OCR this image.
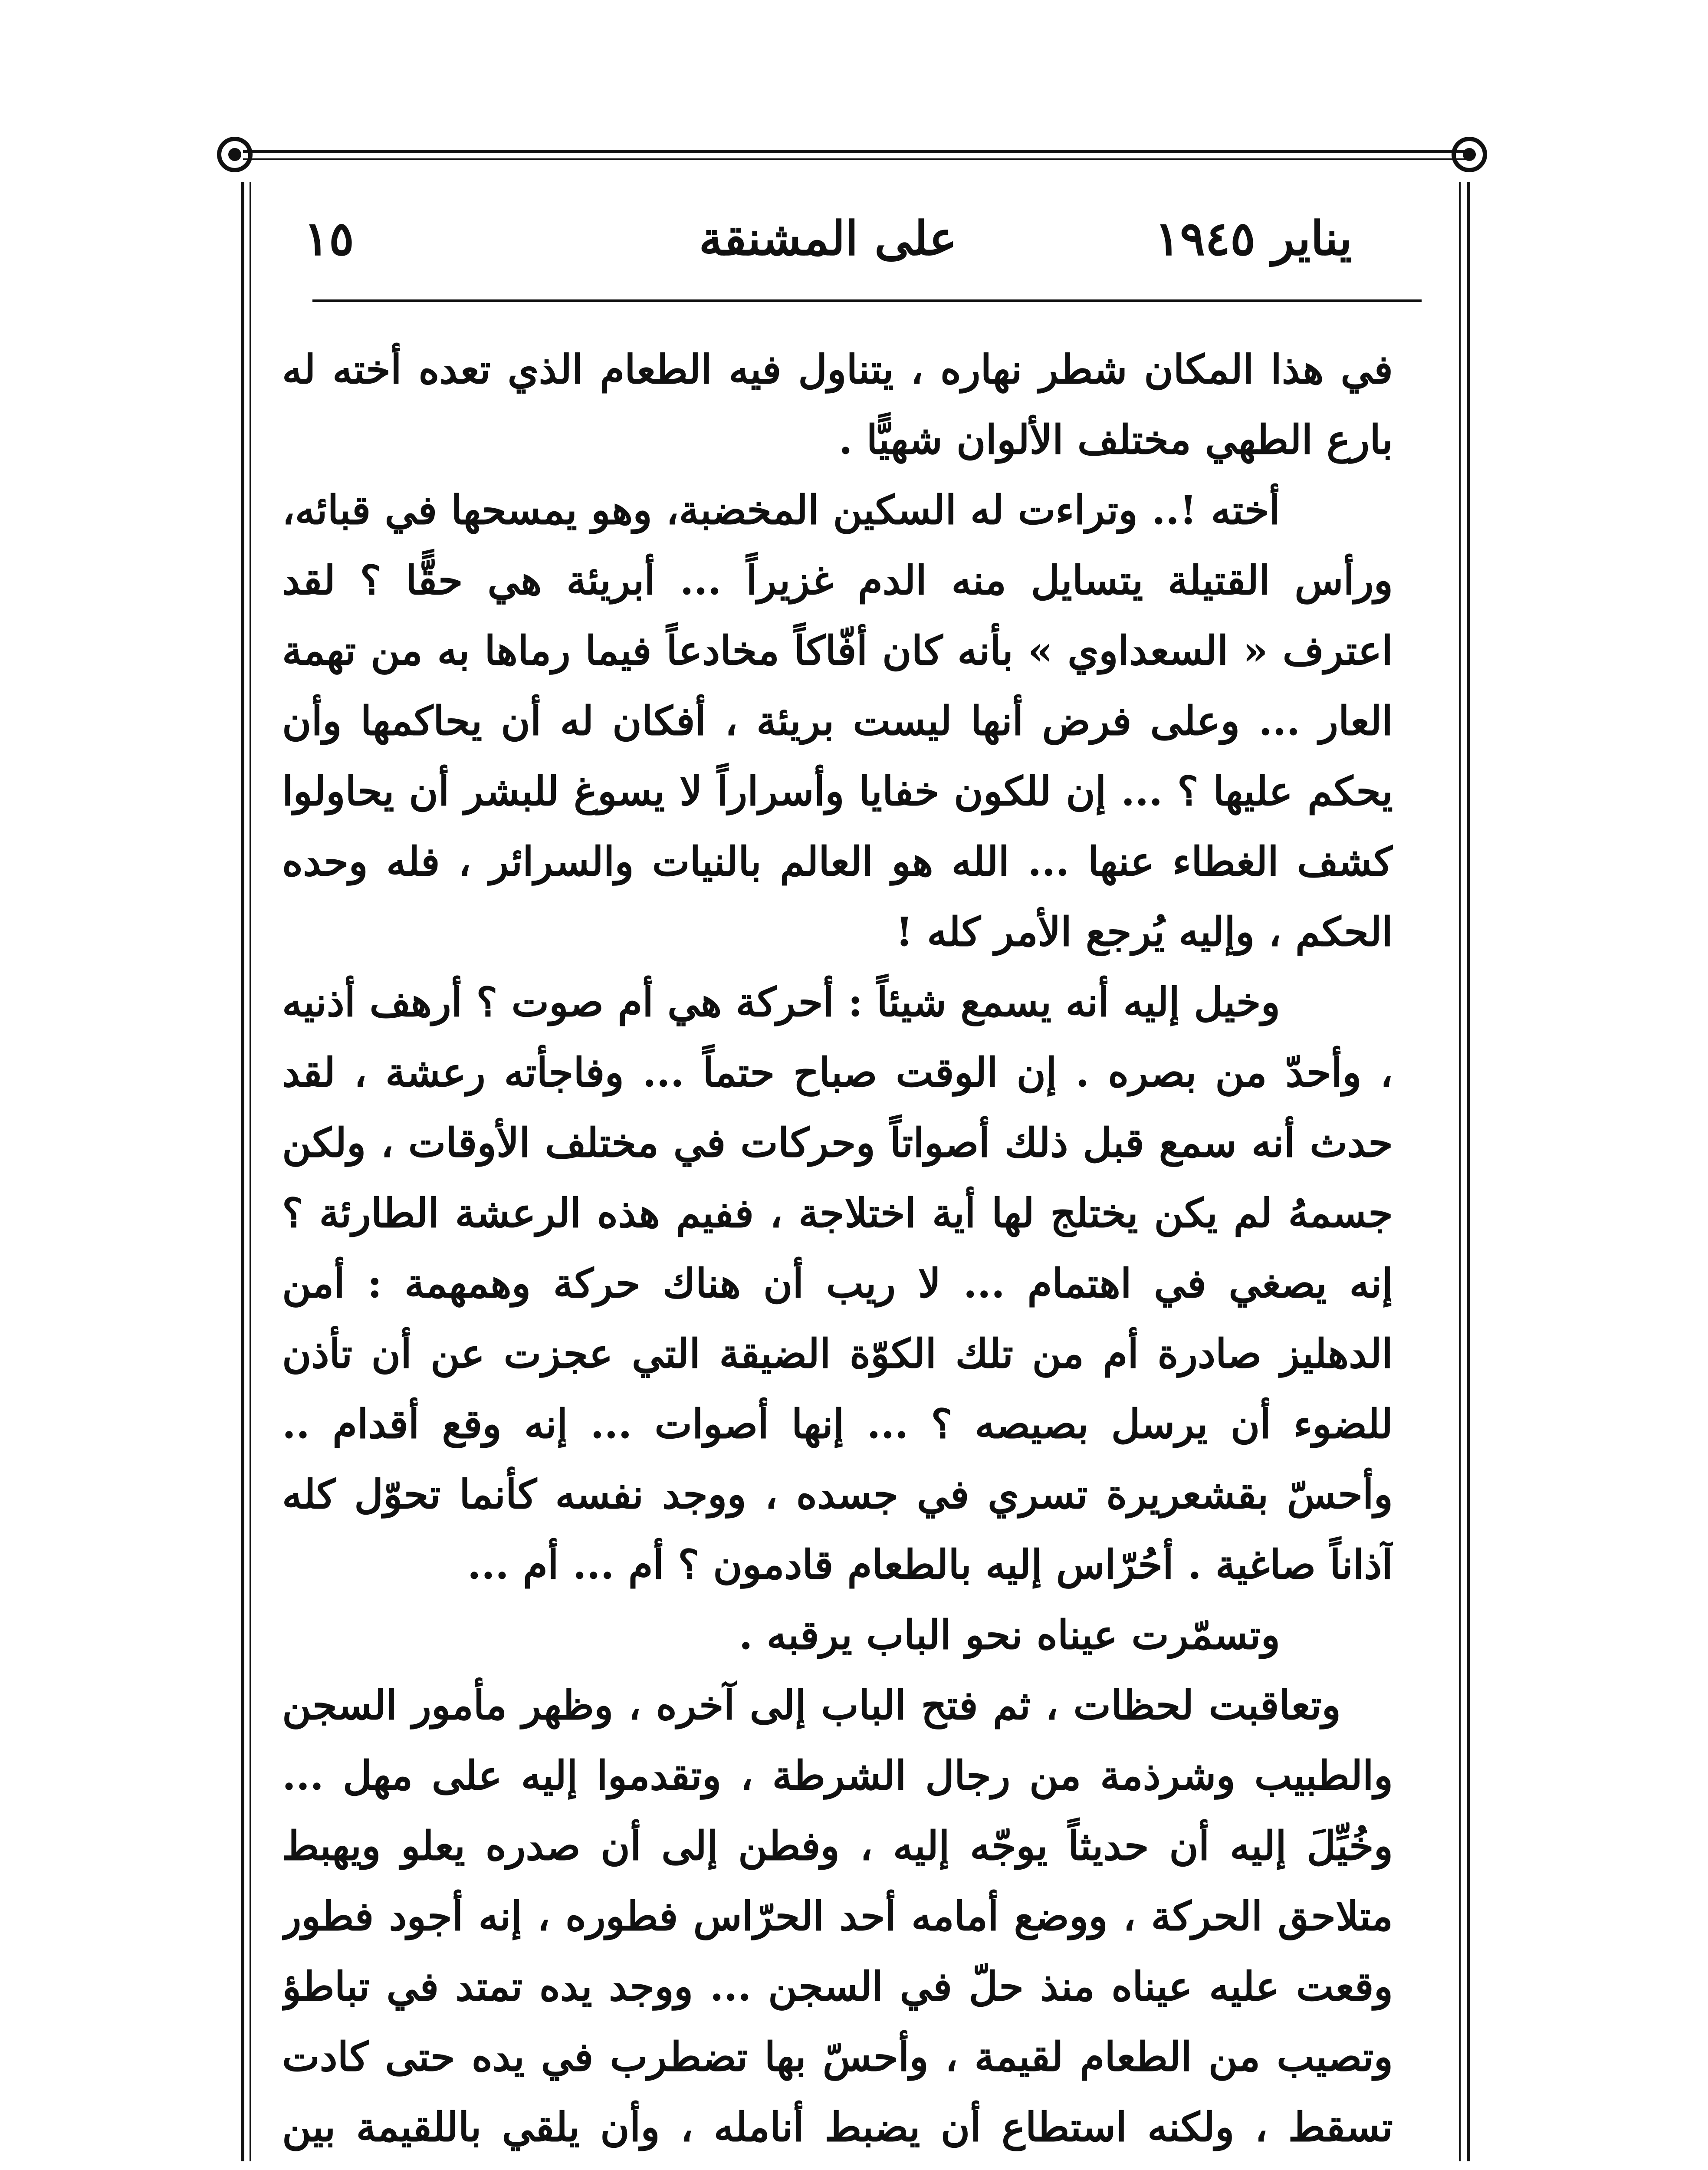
يناير ١٩٤٥
على المشنقة
١٥

في هذا المكان شطر نهاره ، يتناول فيه الطعام الذي تعده أخته له بارع الطهي مختلف الألوان شهيًّا .

أخته !.. وتراءت له السكين المخضبة، وهو يمسحها في قبائه، ورأس القتيلة يتسايل منه الدم غزيراً ... أبريئة هي حقًّا ؟ لقد اعترف « السعداوي » بأنه كان أفّاكاً مخادعاً فيما رماها به من تهمة العار ... وعلى فرض أنها ليست بريئة ، أفكان له أن يحاكمها وأن يحكم عليها ؟ ... إن للكون خفايا وأسراراً لا يسوغ للبشر أن يحاولوا كشف الغطاء عنها ... الله هو العالم بالنيات والسرائر ، فله وحده الحكم ، وإليه يُرجع الأمر كله !

وخيل إليه أنه يسمع شيئاً : أحركة هي أم صوت ؟ أرهف أذنيه ، وأحدّ من بصره . إن الوقت صباح حتماً ... وفاجأته رعشة ، لقد حدث أنه سمع قبل ذلك أصواتاً وحركات في مختلف الأوقات ، ولكن جسمهُ لم يكن يختلج لها أية اختلاجة ، ففيم هذه الرعشة الطارئة ؟ إنه يصغي في اهتمام ... لا ريب أن هناك حركة وهمهمة : أمن الدهليز صادرة أم من تلك الكوّة الضيقة التي عجزت عن أن تأذن للضوء أن يرسل بصيصه ؟ ... إنها أصوات ... إنه وقع أقدام .. وأحسّ بقشعريرة تسري في جسده ، ووجد نفسه كأنما تحوّل كله آذاناً صاغية . أحُرّاس إليه بالطعام قادمون ؟ أم ... أم ...

وتسمّرت عيناه نحو الباب يرقبه .

وتعاقبت لحظات ، ثم فتح الباب إلى آخره ، وظهر مأمور السجن والطبيب وشرذمة من رجال الشرطة ، وتقدموا إليه على مهل ... وخُيِّلَ إليه أن حديثاً يوجّه إليه ، وفطن إلى أن صدره يعلو ويهبط متلاحق الحركة ، ووضع أمامه أحد الحرّاس فطوره ، إنه أجود فطور وقعت عليه عيناه منذ حلّ في السجن ... ووجد يده تمتد في تباطؤ وتصيب من الطعام لقيمة ، وأحسّ بها تضطرب في يده حتى كادت تسقط ، ولكنه استطاع أن يضبط أنامله ، وأن يلقي باللقيمة بين
